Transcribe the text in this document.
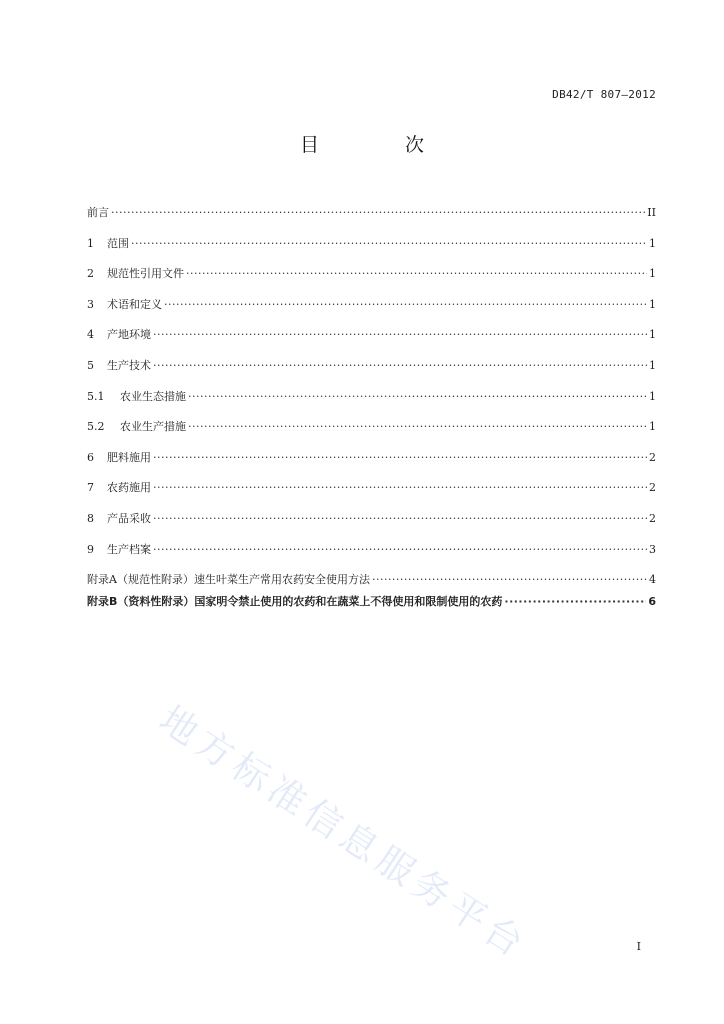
DB42/T 807—2012
目 次
前言 ·····	II
1 范围 ·····	1
2 规范性引用文件 ·····	1
3 术语和定义 ·····	1
4 产地环境 ·····	1
5 生产技术 ·····	1
5.1 农业生态措施 ·····	1
5.2 农业生产措施 ·····	1
6 肥料施用 ·····	2
7 农药施用 ·····	2
8 产品采收 ·····	2
9 生产档案 ·····	3
附录A（规范性附录）速生叶菜生产常用农药安全使用方法 ·····	4
附录B（资料性附录）国家明令禁止使用的农药和在蔬菜上不得使用和限制使用的农药 ·····	6
地方标准信息服务平台	I
